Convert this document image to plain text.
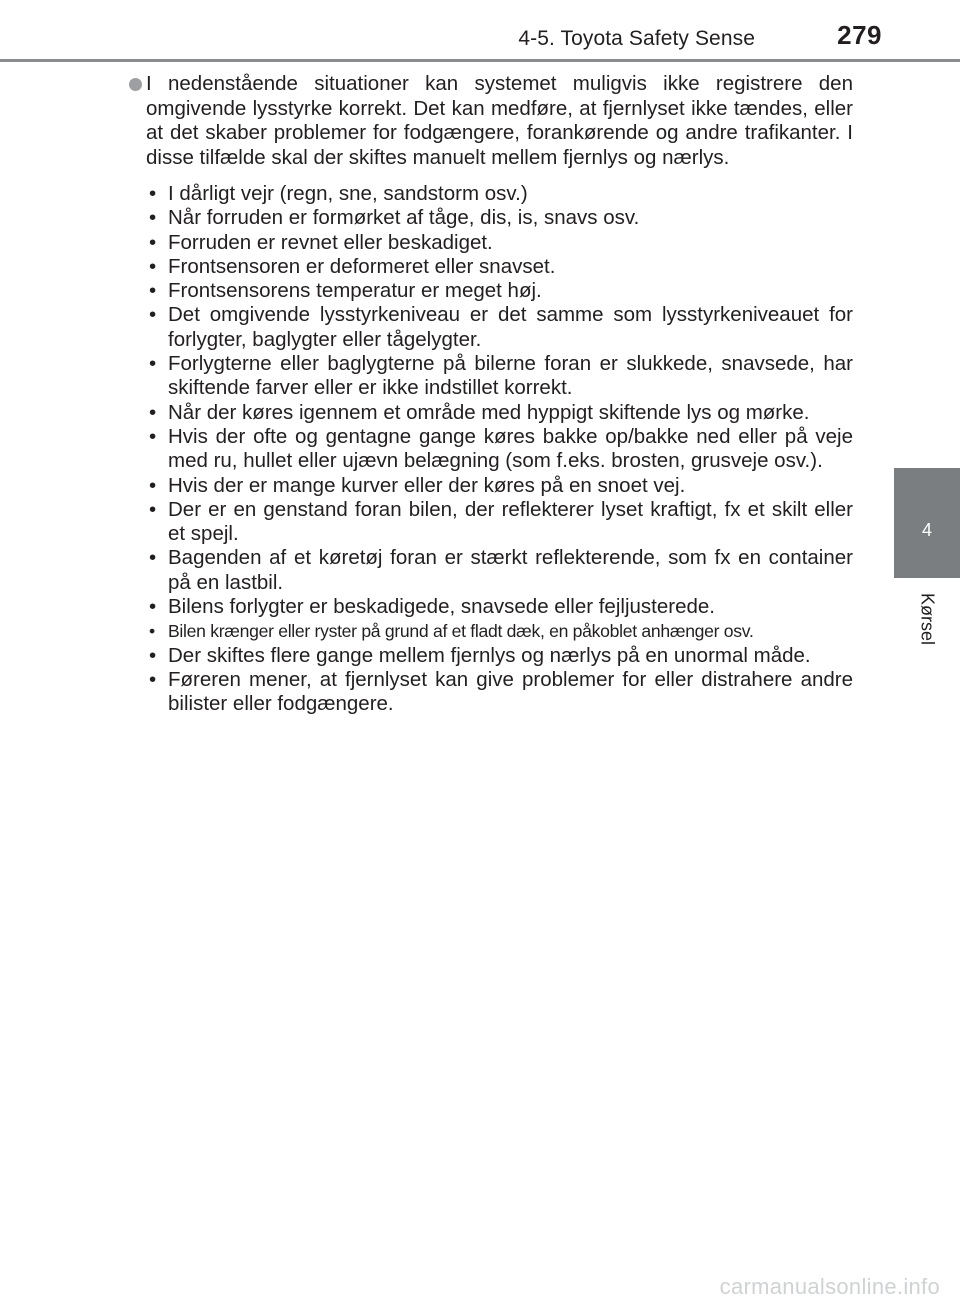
4-5. Toyota Safety Sense	279
4
Kørsel
I nedenstående situationer kan systemet muligvis ikke registrere den omgivende lysstyrke korrekt. Det kan medføre, at fjernlyset ikke tændes, eller at det skaber problemer for fodgængere, forankørende og andre trafikanter. I disse tilfælde skal der skiftes manuelt mellem fjernlys og nærlys.
• I dårligt vejr (regn, sne, sandstorm osv.)
• Når forruden er formørket af tåge, dis, is, snavs osv.
• Forruden er revnet eller beskadiget.
• Frontsensoren er deformeret eller snavset.
• Frontsensorens temperatur er meget høj.
• Det omgivende lysstyrkeniveau er det samme som lysstyrkeniveauet for forlygter, baglygter eller tågelygter.
• Forlygterne eller baglygterne på bilerne foran er slukkede, snavsede, har skiftende farver eller er ikke indstillet korrekt.
• Når der køres igennem et område med hyppigt skiftende lys og mørke.
• Hvis der ofte og gentagne gange køres bakke op/bakke ned eller på veje med ru, hullet eller ujævn belægning (som f.eks. brosten, grusveje osv.).
• Hvis der er mange kurver eller der køres på en snoet vej.
• Der er en genstand foran bilen, der reflekterer lyset kraftigt, fx et skilt eller et spejl.
• Bagenden af et køretøj foran er stærkt reflekterende, som fx en container på en lastbil.
• Bilens forlygter er beskadigede, snavsede eller fejljusterede.
• Bilen krænger eller ryster på grund af et fladt dæk, en påkoblet anhænger osv.
• Der skiftes flere gange mellem fjernlys og nærlys på en unormal måde.
• Føreren mener, at fjernlyset kan give problemer for eller distrahere andre bilister eller fodgængere.
carmanualsonline.info
